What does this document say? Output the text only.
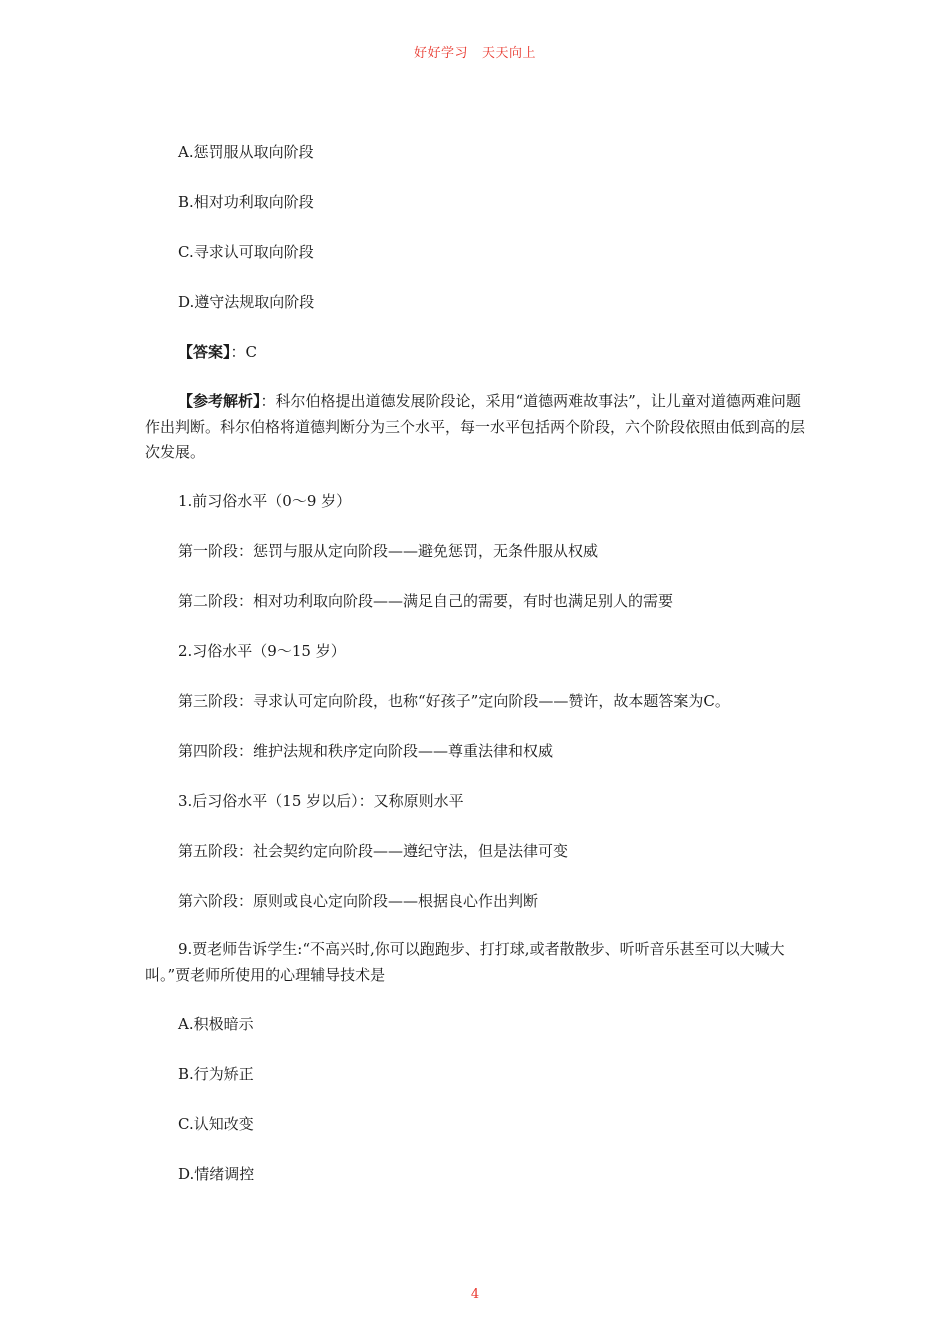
好好学习 天天向上
A.惩罚服从取向阶段
B.相对功利取向阶段
C.寻求认可取向阶段
D.遵守法规取向阶段
【答案】：C
【参考解析】：科尔伯格提出道德发展阶段论，采用“道德两难故事法”，让儿童对道德两难问题作出判断。科尔伯格将道德判断分为三个水平，每一水平包括两个阶段，六个阶段依照由低到高的层次发展。
1.前习俗水平（0～9 岁）
第一阶段：惩罚与服从定向阶段——避免惩罚，无条件服从权威
第二阶段：相对功利取向阶段——满足自己的需要，有时也满足别人的需要
2.习俗水平（9～15 岁）
第三阶段：寻求认可定向阶段，也称“好孩子”定向阶段——赞许，故本题答案为C。
第四阶段：维护法规和秩序定向阶段——尊重法律和权威
3.后习俗水平（15 岁以后）：又称原则水平
第五阶段：社会契约定向阶段——遵纪守法，但是法律可变
第六阶段：原则或良心定向阶段——根据良心作出判断
9.贾老师告诉学生:“不高兴时,你可以跑跑步、打打球,或者散散步、听听音乐甚至可以大喊大叫。”贾老师所使用的心理辅导技术是
A.积极暗示
B.行为矫正
C.认知改变
D.情绪调控
4
